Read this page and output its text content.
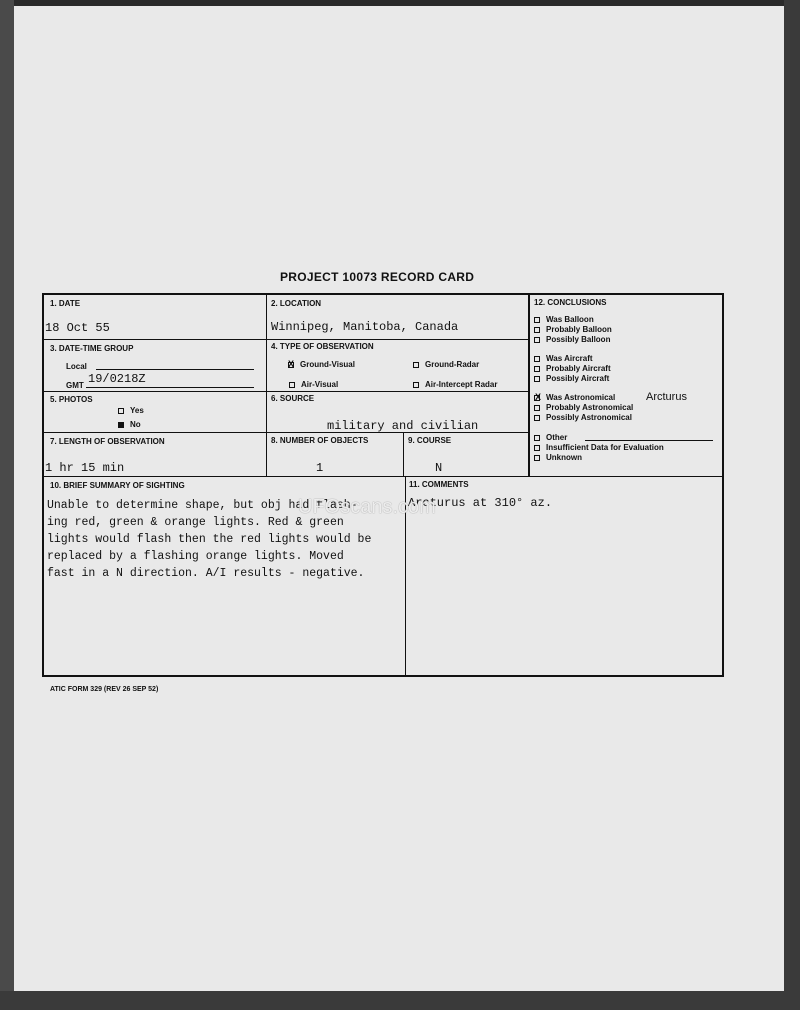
PROJECT 10073 RECORD CARD
1. DATE
18 Oct 55
2. LOCATION
Winnipeg, Manitoba, Canada
3. DATE-TIME GROUP
Local
GMT 19/0218Z
4. TYPE OF OBSERVATION
X Ground-Visual	Ground-Radar
Air-Visual	Air-Intercept Radar
5. PHOTOS
Yes
No
6. SOURCE
military and civilian
7. LENGTH OF OBSERVATION
1 hr 15 min
8. NUMBER OF OBJECTS
1
9. COURSE
N
10. BRIEF SUMMARY OF SIGHTING
Unable to determine shape, but obj had flash-
ing red, green & orange lights. Red & green
lights would flash then the red lights would be
replaced by a flashing orange lights. Moved
fast in a N direction. A/I results - negative.
11. COMMENTS
Arcturus at 310° az.
12. CONCLUSIONS
Was Balloon
Probably Balloon
Possibly Balloon
Was Aircraft
Probably Aircraft
Possibly Aircraft
X Was Astronomical	Arcturus
Probably Astronomical
Possibly Astronomical
Other
Insufficient Data for Evaluation
Unknown
UFOscans.com
ATIC FORM 329 (REV 26 SEP 52)
